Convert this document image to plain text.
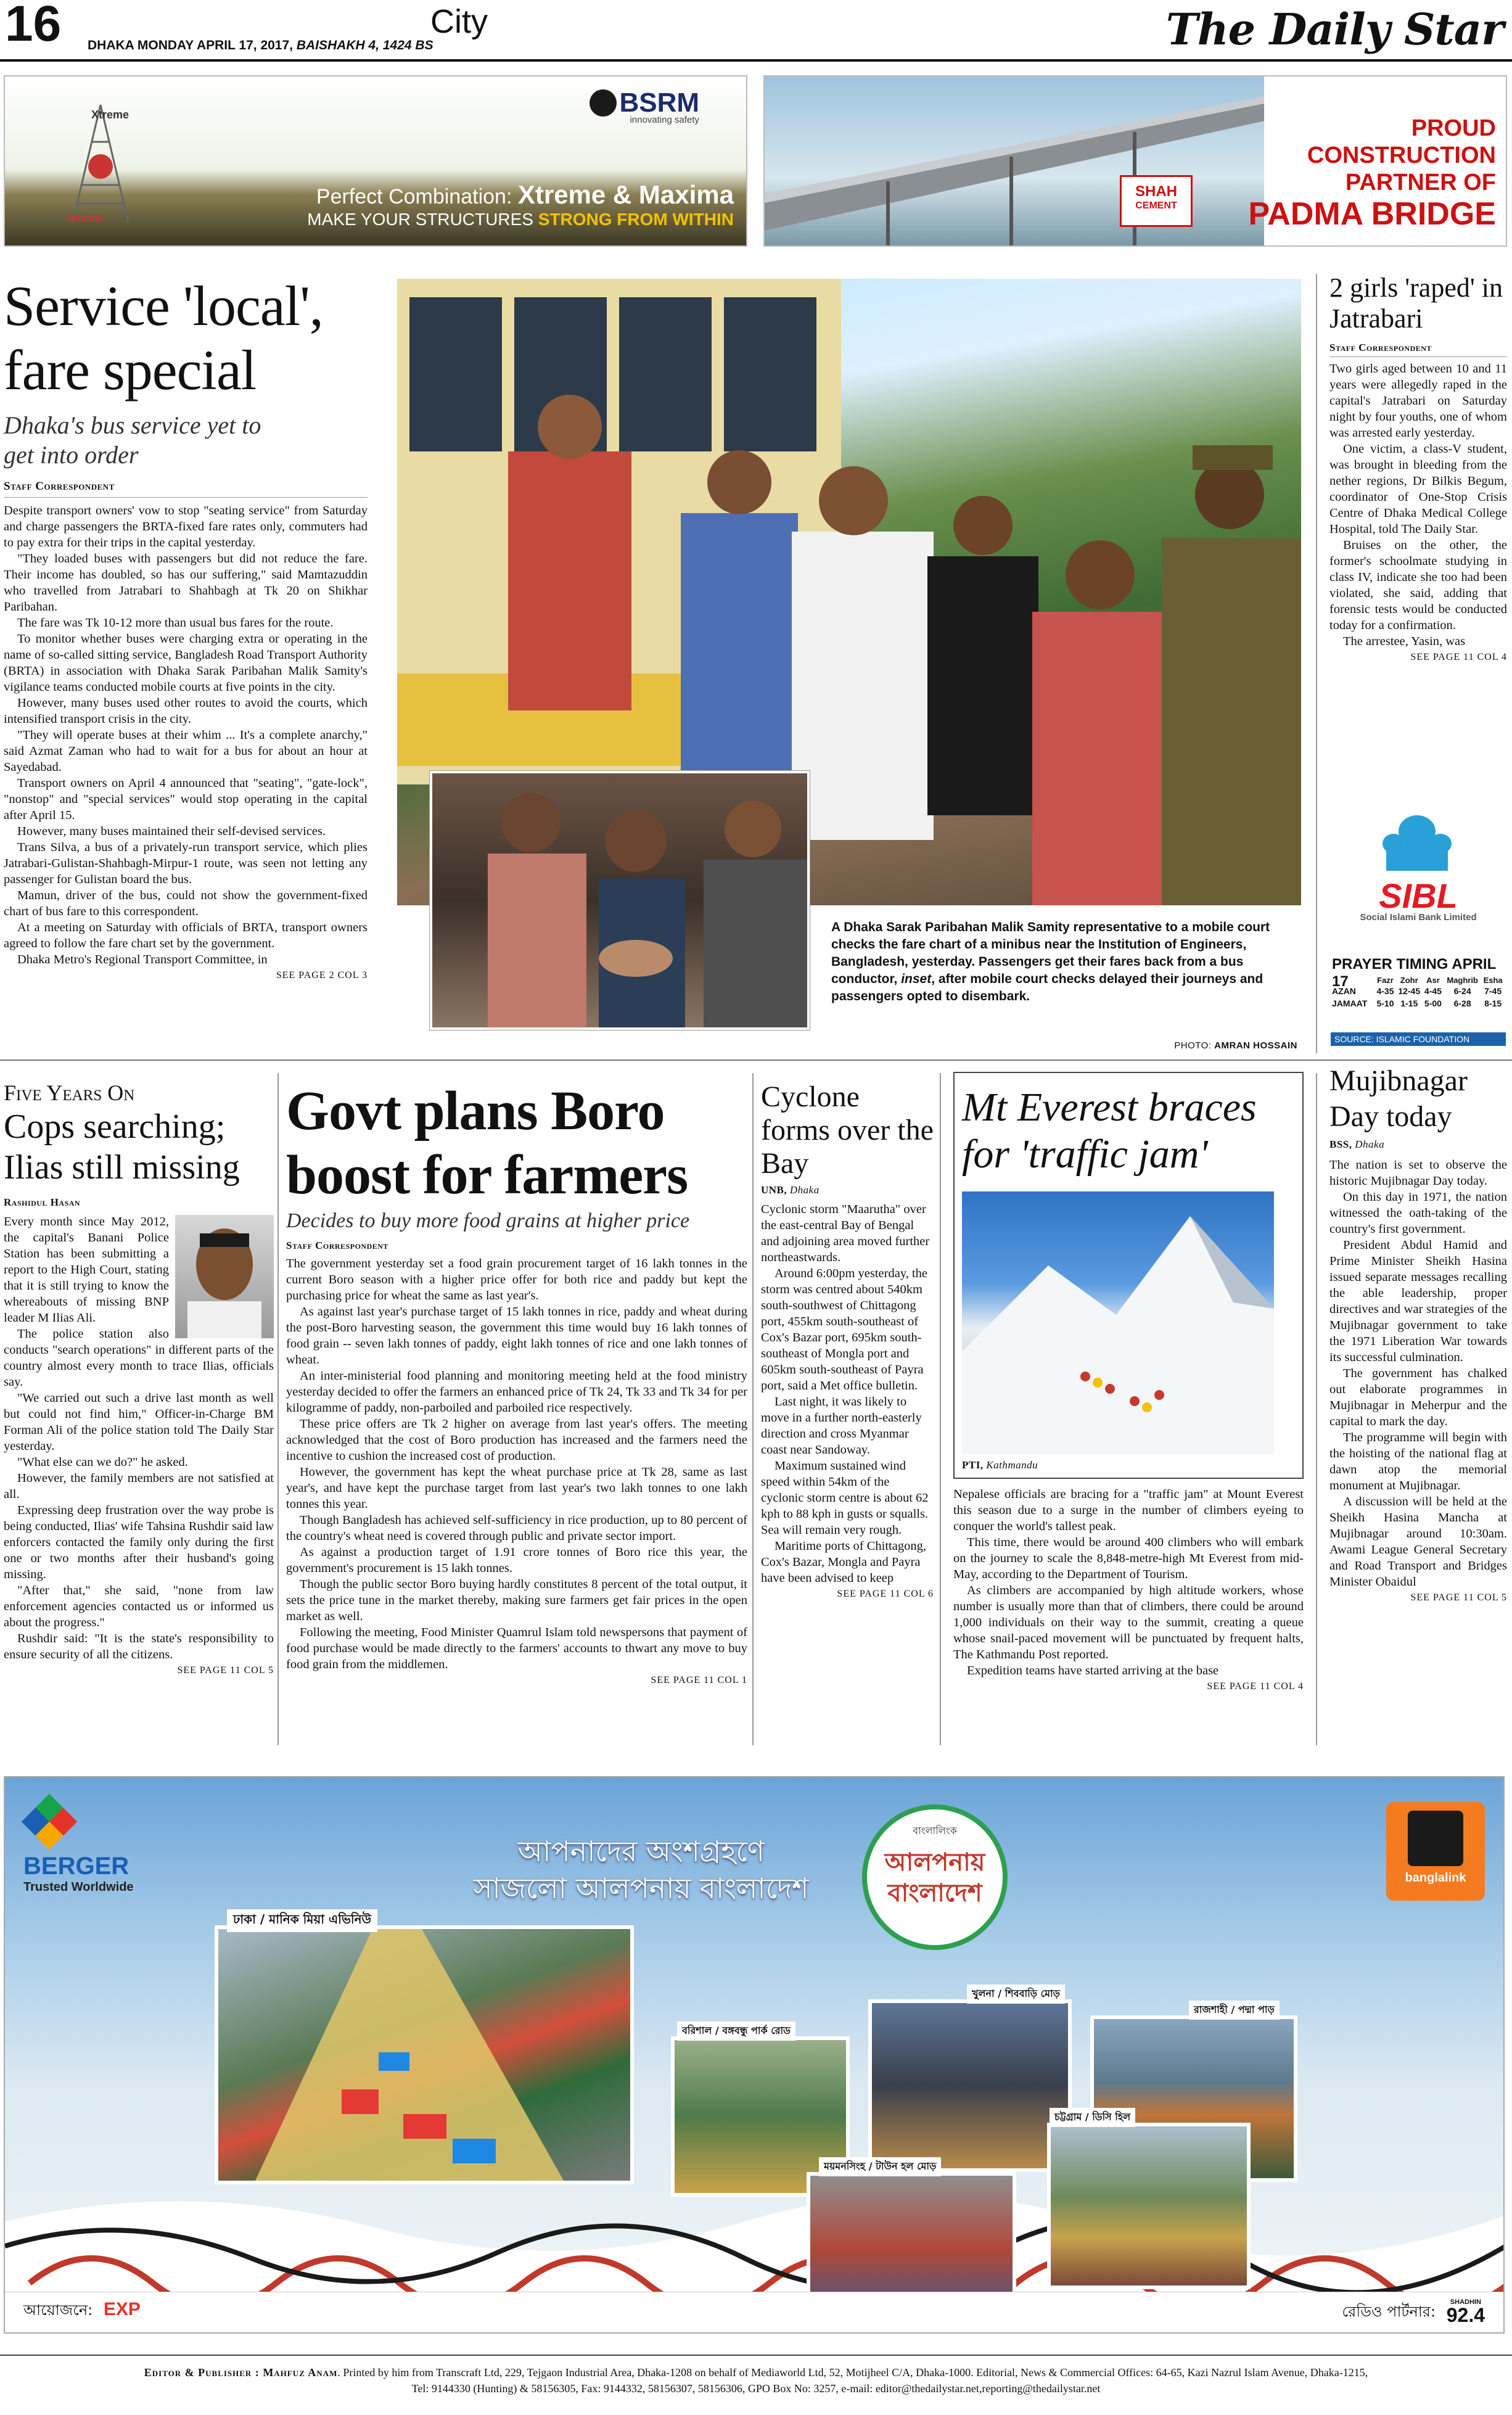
16 DHAKA MONDAY APRIL 17, 2017, BAISHAKH 4, 1424 BS
City	The Daily Star
Xtreme
Maxima
BSRM
innovating safety
Perfect Combination: Xtreme & Maxima
MAKE YOUR STRUCTURES STRONG FROM WITHIN
SHAH
CEMENT
PROUD
CONSTRUCTION
PARTNER OF
PADMA BRIDGE
Service 'local', fare special
Dhaka's bus service yet to get into order
Staff Correspondent

Despite transport owners' vow to stop "seating service" from Saturday and charge passengers the BRTA-fixed fare rates only, commuters had to pay extra for their trips in the capital yesterday.

"They loaded buses with passengers but did not reduce the fare. Their income has doubled, so has our suffering," said Mamtazuddin who travelled from Jatrabari to Shahbagh at Tk 20 on Shikhar Paribahan.

The fare was Tk 10-12 more than usual bus fares for the route.

To monitor whether buses were charging extra or operating in the name of so-called sitting service, Bangladesh Road Transport Authority (BRTA) in association with Dhaka Sarak Paribahan Malik Samity's vigilance teams conducted mobile courts at five points in the city.

However, many buses used other routes to avoid the courts, which intensified transport crisis in the city.

"They will operate buses at their whim ... It's a complete anarchy," said Azmat Zaman who had to wait for a bus for about an hour at Sayedabad.

Transport owners on April 4 announced that "seating", "gate-lock", "nonstop" and "special services" would stop operating in the capital after April 15.

However, many buses maintained their self-devised services.

Trans Silva, a bus of a privately-run transport service, which plies Jatrabari-Gulistan-Shahbagh-Mirpur-1 route, was seen not letting any passenger for Gulistan board the bus.

Mamun, driver of the bus, could not show the government-fixed chart of bus fare to this correspondent.

At a meeting on Saturday with officials of BRTA, transport owners agreed to follow the fare chart set by the government.

Dhaka Metro's Regional Transport Committee, in

SEE PAGE 2 COL 3
A Dhaka Sarak Paribahan Malik Samity representative to a mobile court checks the fare chart of a minibus near the Institution of Engineers, Bangladesh, yesterday. Passengers get their fares back from a bus conductor, inset, after mobile court checks delayed their journeys and passengers opted to disembark.
PHOTO: AMRAN HOSSAIN
2 girls 'raped' in Jatrabari
Staff Correspondent

Two girls aged between 10 and 11 years were allegedly raped in the capital's Jatrabari on Saturday night by four youths, one of whom was arrested early yesterday.

One victim, a class-V student, was brought in bleeding from the nether regions, Dr Bilkis Begum, coordinator of One-Stop Crisis Centre of Dhaka Medical College Hospital, told The Daily Star.

Bruises on the other, the former's schoolmate studying in class IV, indicate she too had been violated, she said, adding that forensic tests would be conducted today for a confirmation.

The arrestee, Yasin, was

SEE PAGE 11 COL 4
SIBL
Social Islami Bank Limited
PRAYER TIMING APRIL 17
		Fazr	Zohr	Asr	Maghrib	Esha
AZAN	4-35	12-45	4-45	6-24	7-45
JAMAAT	5-10	1-15	5-00	6-28	8-15
SOURCE: ISLAMIC FOUNDATION
Five Years On
Cops searching; Ilias still missing
Rashidul Hasan

Every month since May 2012, the capital's Banani Police Station has been submitting a report to the High Court, stating that it is still trying to know the whereabouts of missing BNP leader M Ilias Ali.

The police station also conducts "search operations" in different parts of the country almost every month to trace Ilias, officials say.

"We carried out such a drive last month as well but could not find him," Officer-in-Charge BM Forman Ali of the police station told The Daily Star yesterday.

"What else can we do?" he asked.

However, the family members are not satisfied at all.

Expressing deep frustration over the way probe is being conducted, Ilias' wife Tahsina Rushdir said law enforcers contacted the family only during the first one or two months after their husband's going missing.

"After that," she said, "none from law enforcement agencies contacted us or informed us about the progress."

Rushdir said: "It is the state's responsibility to ensure security of all the citizens.

SEE PAGE 11 COL 5
Govt plans Boro boost for farmers
Decides to buy more food grains at higher price
Staff Correspondent

The government yesterday set a food grain procurement target of 16 lakh tonnes in the current Boro season with a higher price offer for both rice and paddy but kept the purchasing price for wheat the same as last year's.

As against last year's purchase target of 15 lakh tonnes in rice, paddy and wheat during the post-Boro harvesting season, the government this time would buy 16 lakh tonnes of food grain -- seven lakh tonnes of paddy, eight lakh tonnes of rice and one lakh tonnes of wheat.

An inter-ministerial food planning and monitoring meeting held at the food ministry yesterday decided to offer the farmers an enhanced price of Tk 24, Tk 33 and Tk 34 for per kilogramme of paddy, non-parboiled and parboiled rice respectively.

These price offers are Tk 2 higher on average from last year's offers. The meeting acknowledged that the cost of Boro production has increased and the farmers need the incentive to cushion the increased cost of production.

However, the government has kept the wheat purchase price at Tk 28, same as last year's, and have kept the purchase target from last year's two lakh tonnes to one lakh tonnes this year.

Though Bangladesh has achieved self-sufficiency in rice production, up to 80 percent of the country's wheat need is covered through public and private sector import.

As against a production target of 1.91 crore tonnes of Boro rice this year, the government's procurement is 15 lakh tonnes.

Though the public sector Boro buying hardly constitutes 8 percent of the total output, it sets the price tune in the market thereby, making sure farmers get fair prices in the open market as well.

Following the meeting, Food Minister Quamrul Islam told newspersons that payment of food purchase would be made directly to the farmers' accounts to thwart any move to buy food grain from the middlemen.

SEE PAGE 11 COL 1
Cyclone forms over the Bay
UNB, Dhaka

Cyclonic storm "Maarutha" over the east-central Bay of Bengal and adjoining area moved further northeastwards.

Around 6:00pm yesterday, the storm was centred about 540km south-southwest of Chittagong port, 455km south-southeast of Cox's Bazar port, 695km south-southeast of Mongla port and 605km south-southeast of Payra port, said a Met office bulletin.

Last night, it was likely to move in a further north-easterly direction and cross Myanmar coast near Sandoway.

Maximum sustained wind speed within 54km of the cyclonic storm centre is about 62 kph to 88 kph in gusts or squalls. Sea will remain very rough.

Maritime ports of Chittagong, Cox's Bazar, Mongla and Payra have been advised to keep

SEE PAGE 11 COL 6
Mt Everest braces for 'traffic jam'
PTI, Kathmandu

Nepalese officials are bracing for a "traffic jam" at Mount Everest this season due to a surge in the number of climbers eyeing to conquer the world's tallest peak.

This time, there would be around 400 climbers who will embark on the journey to scale the 8,848-metre-high Mt Everest from mid-May, according to the Department of Tourism.

As climbers are accompanied by high altitude workers, whose number is usually more than that of climbers, there could be around 1,000 individuals on their way to the summit, creating a queue whose snail-paced movement will be punctuated by frequent halts, The Kathmandu Post reported.

Expedition teams have started arriving at the base

SEE PAGE 11 COL 4
Mujibnagar Day today
BSS, Dhaka

The nation is set to observe the historic Mujibnagar Day today.

On this day in 1971, the nation witnessed the oath-taking of the country's first government.

President Abdul Hamid and Prime Minister Sheikh Hasina issued separate messages recalling the able leadership, proper directives and war strategies of the Mujibnagar government to take the 1971 Liberation War towards its successful culmination.

The government has chalked out elaborate programmes in Mujibnagar in Meherpur and the capital to mark the day.

The programme will begin with the hoisting of the national flag at dawn atop the memorial monument at Mujibnagar.

A discussion will be held at the Sheikh Hasina Mancha at Mujibnagar around 10:30am. Awami League General Secretary and Road Transport and Bridges Minister Obaidul

SEE PAGE 11 COL 5
BERGER
Trusted Worldwide
আপনাদের অংশগ্রহণে
সাজলো আলপনায় বাংলাদেশ
বাংলালিংক
আলপনায় বাংলাদেশ
banglalink
ঢাকা / মানিক মিয়া এভিনিউ
বরিশাল / বঙ্গবন্ধু পার্ক রোড
খুলনা / শিববাড়ি মোড়
রাজশাহী / পদ্মা পাড়
ময়মনসিংহ / টাউন হল মোড়
চট্টগ্রাম / ডিসি হিল
আয়োজনে: EXP	রেডিও পার্টনার:
SHADHIN
92.4
Editor & Publisher : Mahfuz Anam. Printed by him from Transcraft Ltd, 229, Tejgaon Industrial Area, Dhaka-1208 on behalf of Mediaworld Ltd, 52, Motijheel C/A, Dhaka-1000. Editorial, News & Commercial Offices: 64-65, Kazi Nazrul Islam Avenue, Dhaka-1215,
Tel: 9144330 (Hunting) & 58156305, Fax: 9144332, 58156307, 58156306, GPO Box No: 3257, e-mail: editor@thedailystar.net,reporting@thedailystar.net
